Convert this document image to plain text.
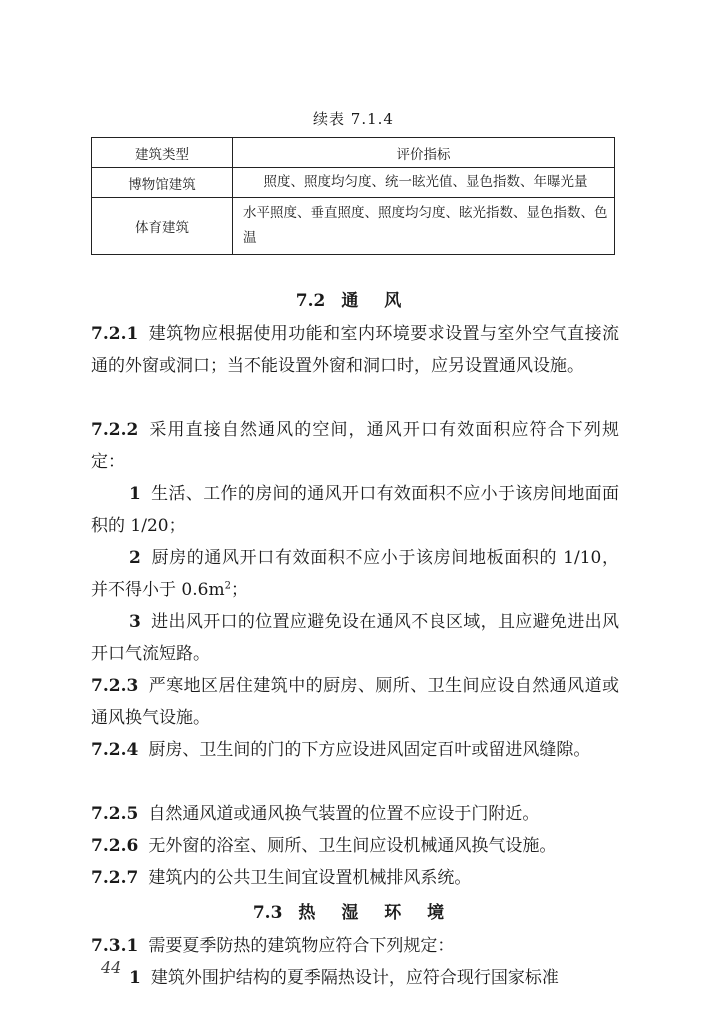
续表 7.1.4
建筑类型	评价指标
博物馆建筑	照度、照度均匀度、统一眩光值、显色指数、年曝光量
体育建筑	水平照度、垂直照度、照度均匀度、眩光指数、显色指数、色温
7.2 通 风
7.2.1 建筑物应根据使用功能和室内环境要求设置与室外空气直接流通的外窗或洞口；当不能设置外窗和洞口时，应另设置通风设施。
7.2.2 采用直接自然通风的空间，通风开口有效面积应符合下列规定：
1 生活、工作的房间的通风开口有效面积不应小于该房间地面面积的 1/20；
2 厨房的通风开口有效面积不应小于该房间地板面积的 1/10，并不得小于 $0.6m^2$；
3 进出风开口的位置应避免设在通风不良区域，且应避免进出风开口气流短路。
7.2.3 严寒地区居住建筑中的厨房、厕所、卫生间应设自然通风道或通风换气设施。
7.2.4 厨房、卫生间的门的下方应设进风固定百叶或留进风缝隙。
7.2.5 自然通风道或通风换气装置的位置不应设于门附近。
7.2.6 无外窗的浴室、厕所、卫生间应设机械通风换气设施。
7.2.7 建筑内的公共卫生间宜设置机械排风系统。
7.3 热 湿 环 境
7.3.1 需要夏季防热的建筑物应符合下列规定：
1 建筑外围护结构的夏季隔热设计，应符合现行国家标准
44
